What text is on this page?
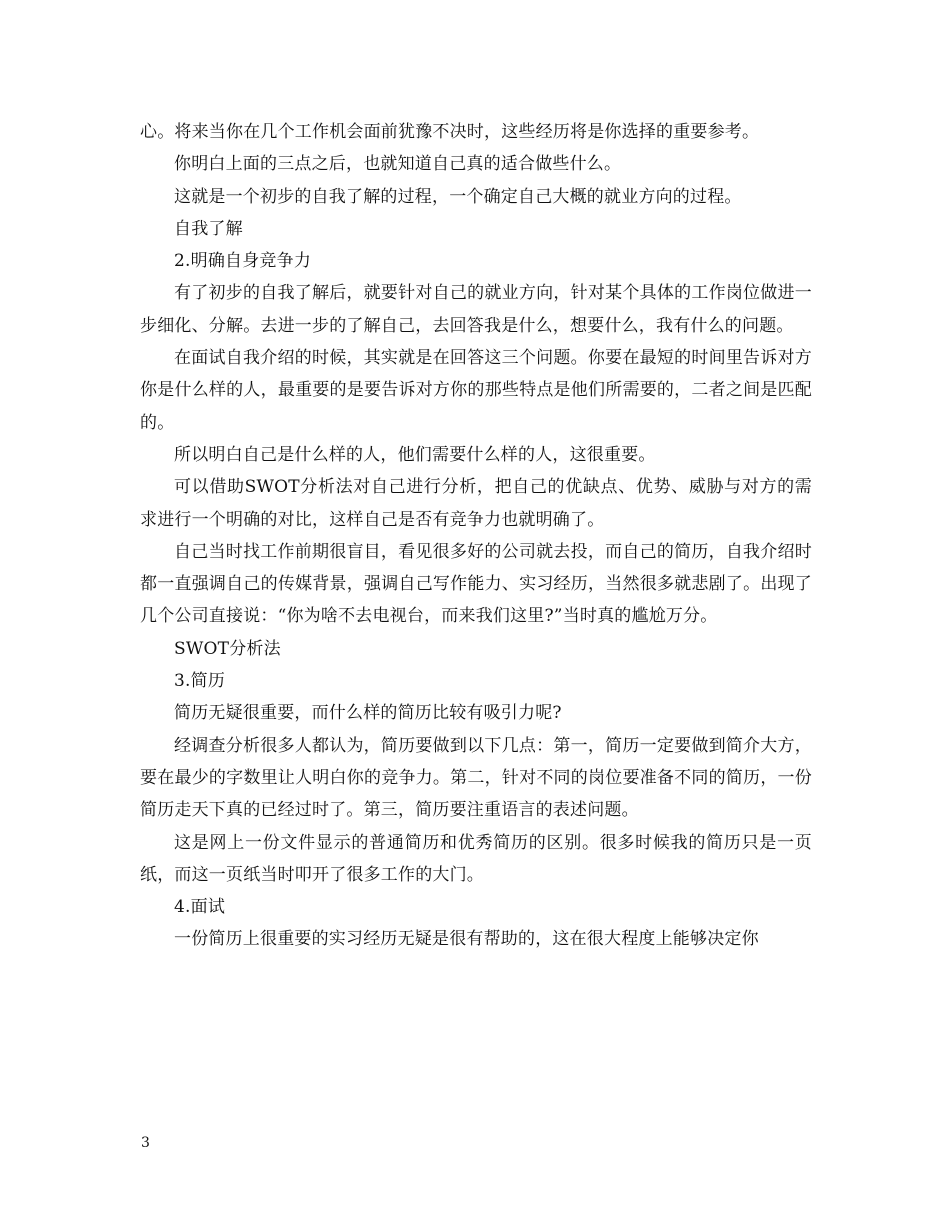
心。将来当你在几个工作机会面前犹豫不决时，这些经历将是你选择的重要参考。

你明白上面的三点之后，也就知道自己真的适合做些什么。

这就是一个初步的自我了解的过程，一个确定自己大概的就业方向的过程。

自我了解

2.明确自身竞争力

有了初步的自我了解后，就要针对自己的就业方向，针对某个具体的工作岗位做进一步细化、分解。去进一步的了解自己，去回答我是什么，想要什么，我有什么的问题。

在面试自我介绍的时候，其实就是在回答这三个问题。你要在最短的时间里告诉对方你是什么样的人，最重要的是要告诉对方你的那些特点是他们所需要的，二者之间是匹配的。

所以明白自己是什么样的人，他们需要什么样的人，这很重要。

可以借助SWOT分析法对自己进行分析，把自己的优缺点、优势、威胁与对方的需求进行一个明确的对比，这样自己是否有竞争力也就明确了。

自己当时找工作前期很盲目，看见很多好的公司就去投，而自己的简历，自我介绍时都一直强调自己的传媒背景，强调自己写作能力、实习经历，当然很多就悲剧了。出现了几个公司直接说：“你为啥不去电视台，而来我们这里?”当时真的尴尬万分。

SWOT分析法

3.简历

简历无疑很重要，而什么样的简历比较有吸引力呢?

经调查分析很多人都认为，简历要做到以下几点：第一，简历一定要做到简介大方，要在最少的字数里让人明白你的竞争力。第二，针对不同的岗位要准备不同的简历，一份简历走天下真的已经过时了。第三，简历要注重语言的表述问题。

这是网上一份文件显示的普通简历和优秀简历的区别。很多时候我的简历只是一页纸，而这一页纸当时叩开了很多工作的大门。

4.面试

一份简历上很重要的实习经历无疑是很有帮助的，这在很大程度上能够决定你

3
